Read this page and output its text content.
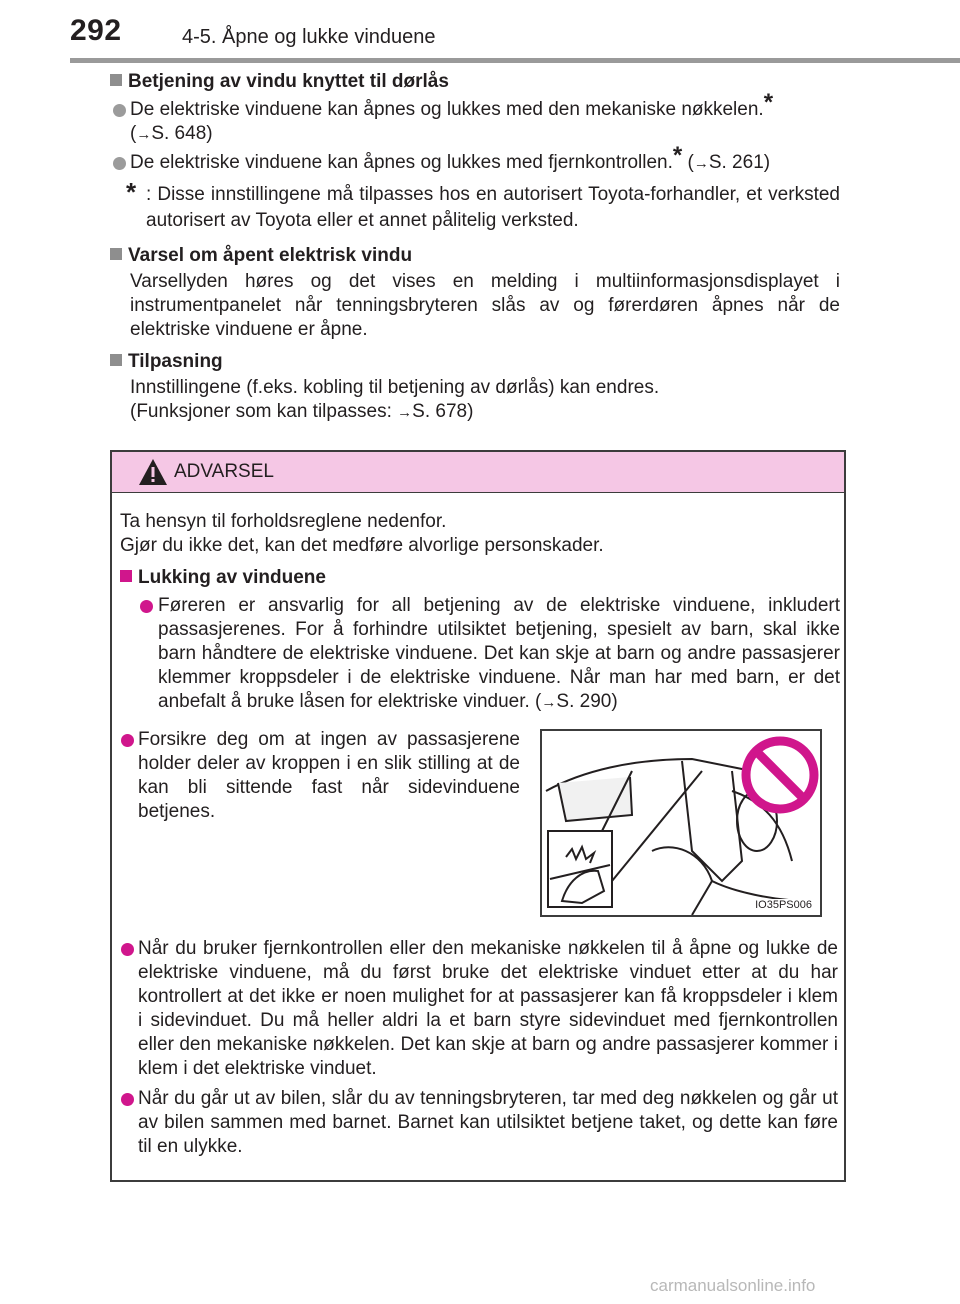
292	4-5. Åpne og lukke vinduene
Betjening av vindu knyttet til dørlås
De elektriske vinduene kan åpnes og lukkes med den mekaniske nøkkelen.*
(→S. 648)
De elektriske vinduene kan åpnes og lukkes med fjernkontrollen.* (→S. 261)
* : Disse innstillingene må tilpasses hos en autorisert Toyota-forhandler, et verksted autorisert av Toyota eller et annet pålitelig verksted.
Varsel om åpent elektrisk vindu
Varsellyden høres og det vises en melding i multiinformasjonsdisplayet i instrumentpanelet når tenningsbryteren slås av og førerdøren åpnes når de elektriske vinduene er åpne.
Tilpasning
Innstillingene (f.eks. kobling til betjening av dørlås) kan endres.
(Funksjoner som kan tilpasses: →S. 678)
ADVARSEL
Ta hensyn til forholdsreglene nedenfor.
Gjør du ikke det, kan det medføre alvorlige personskader.
Lukking av vinduene
Føreren er ansvarlig for all betjening av de elektriske vinduene, inkludert passasjerenes. For å forhindre utilsiktet betjening, spesielt av barn, skal ikke barn håndtere de elektriske vinduene. Det kan skje at barn og andre passasjerer klemmer kroppsdeler i de elektriske vinduene. Når man har med barn, er det anbefalt å bruke låsen for elektriske vinduer. (→S. 290)
Forsikre deg om at ingen av passasjerene holder deler av kroppen i en slik stilling at de kan bli sittende fast når sidevinduene betjenes.
IO35PS006
Når du bruker fjernkontrollen eller den mekaniske nøkkelen til å åpne og lukke de elektriske vinduene, må du først bruke det elektriske vinduet etter at du har kontrollert at det ikke er noen mulighet for at passasjerer kan få kroppsdeler i klem i sidevinduet. Du må heller aldri la et barn styre sidevinduet med fjernkontrollen eller den mekaniske nøkkelen. Det kan skje at barn og andre passasjerer kommer i klem i det elektriske vinduet.
Når du går ut av bilen, slår du av tenningsbryteren, tar med deg nøkkelen og går ut av bilen sammen med barnet. Barnet kan utilsiktet betjene taket, og dette kan føre til en ulykke.
carmanualsonline.info
